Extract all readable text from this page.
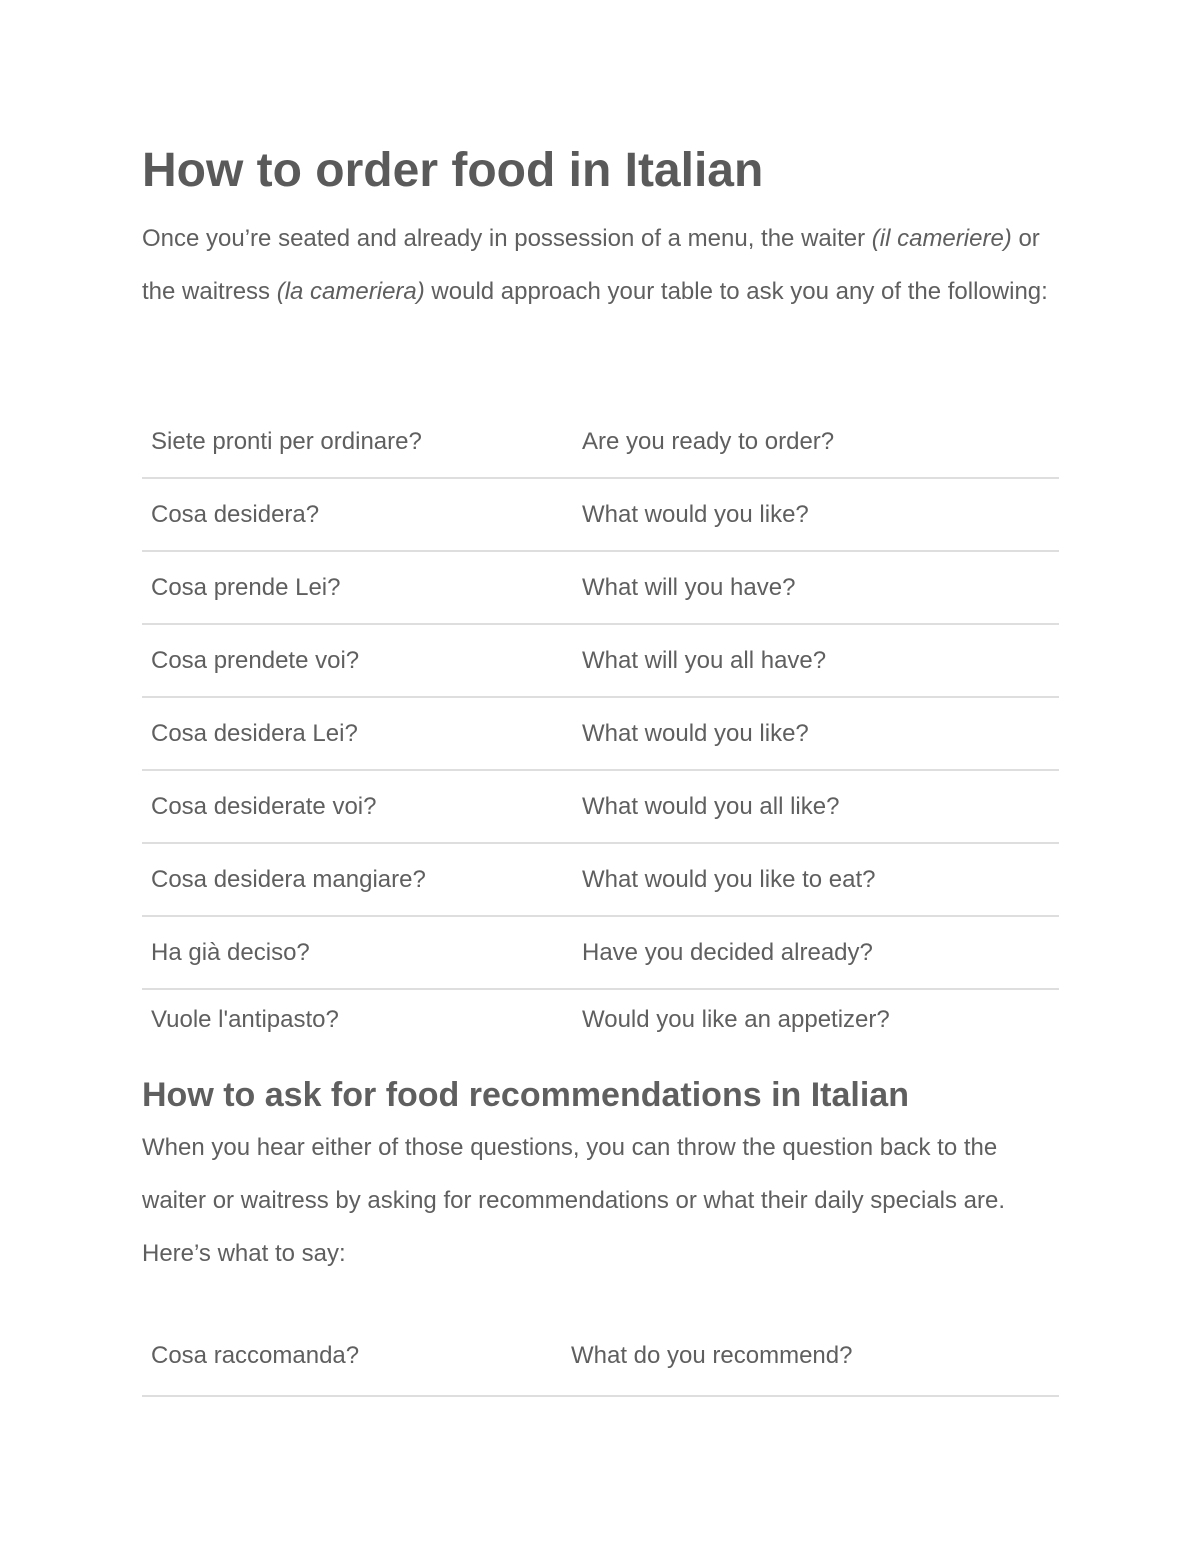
How to order food in Italian

Once you’re seated and already in possession of a menu, the waiter (il cameriere) or the waitress (la cameriera) would approach your table to ask you any of the following:

Siete pronti per ordinare?	Are you ready to order?
Cosa desidera?	What would you like?
Cosa prende Lei?	What will you have?
Cosa prendete voi?	What will you all have?
Cosa desidera Lei?	What would you like?
Cosa desiderate voi?	What would you all like?
Cosa desidera mangiare?	What would you like to eat?
Ha già deciso?	Have you decided already?
Vuole l'antipasto?	Would you like an appetizer?
How to ask for food recommendations in Italian

When you hear either of those questions, you can throw the question back to the waiter or waitress by asking for recommendations or what their daily specials are. Here’s what to say:

Cosa raccomanda?	What do you recommend?
